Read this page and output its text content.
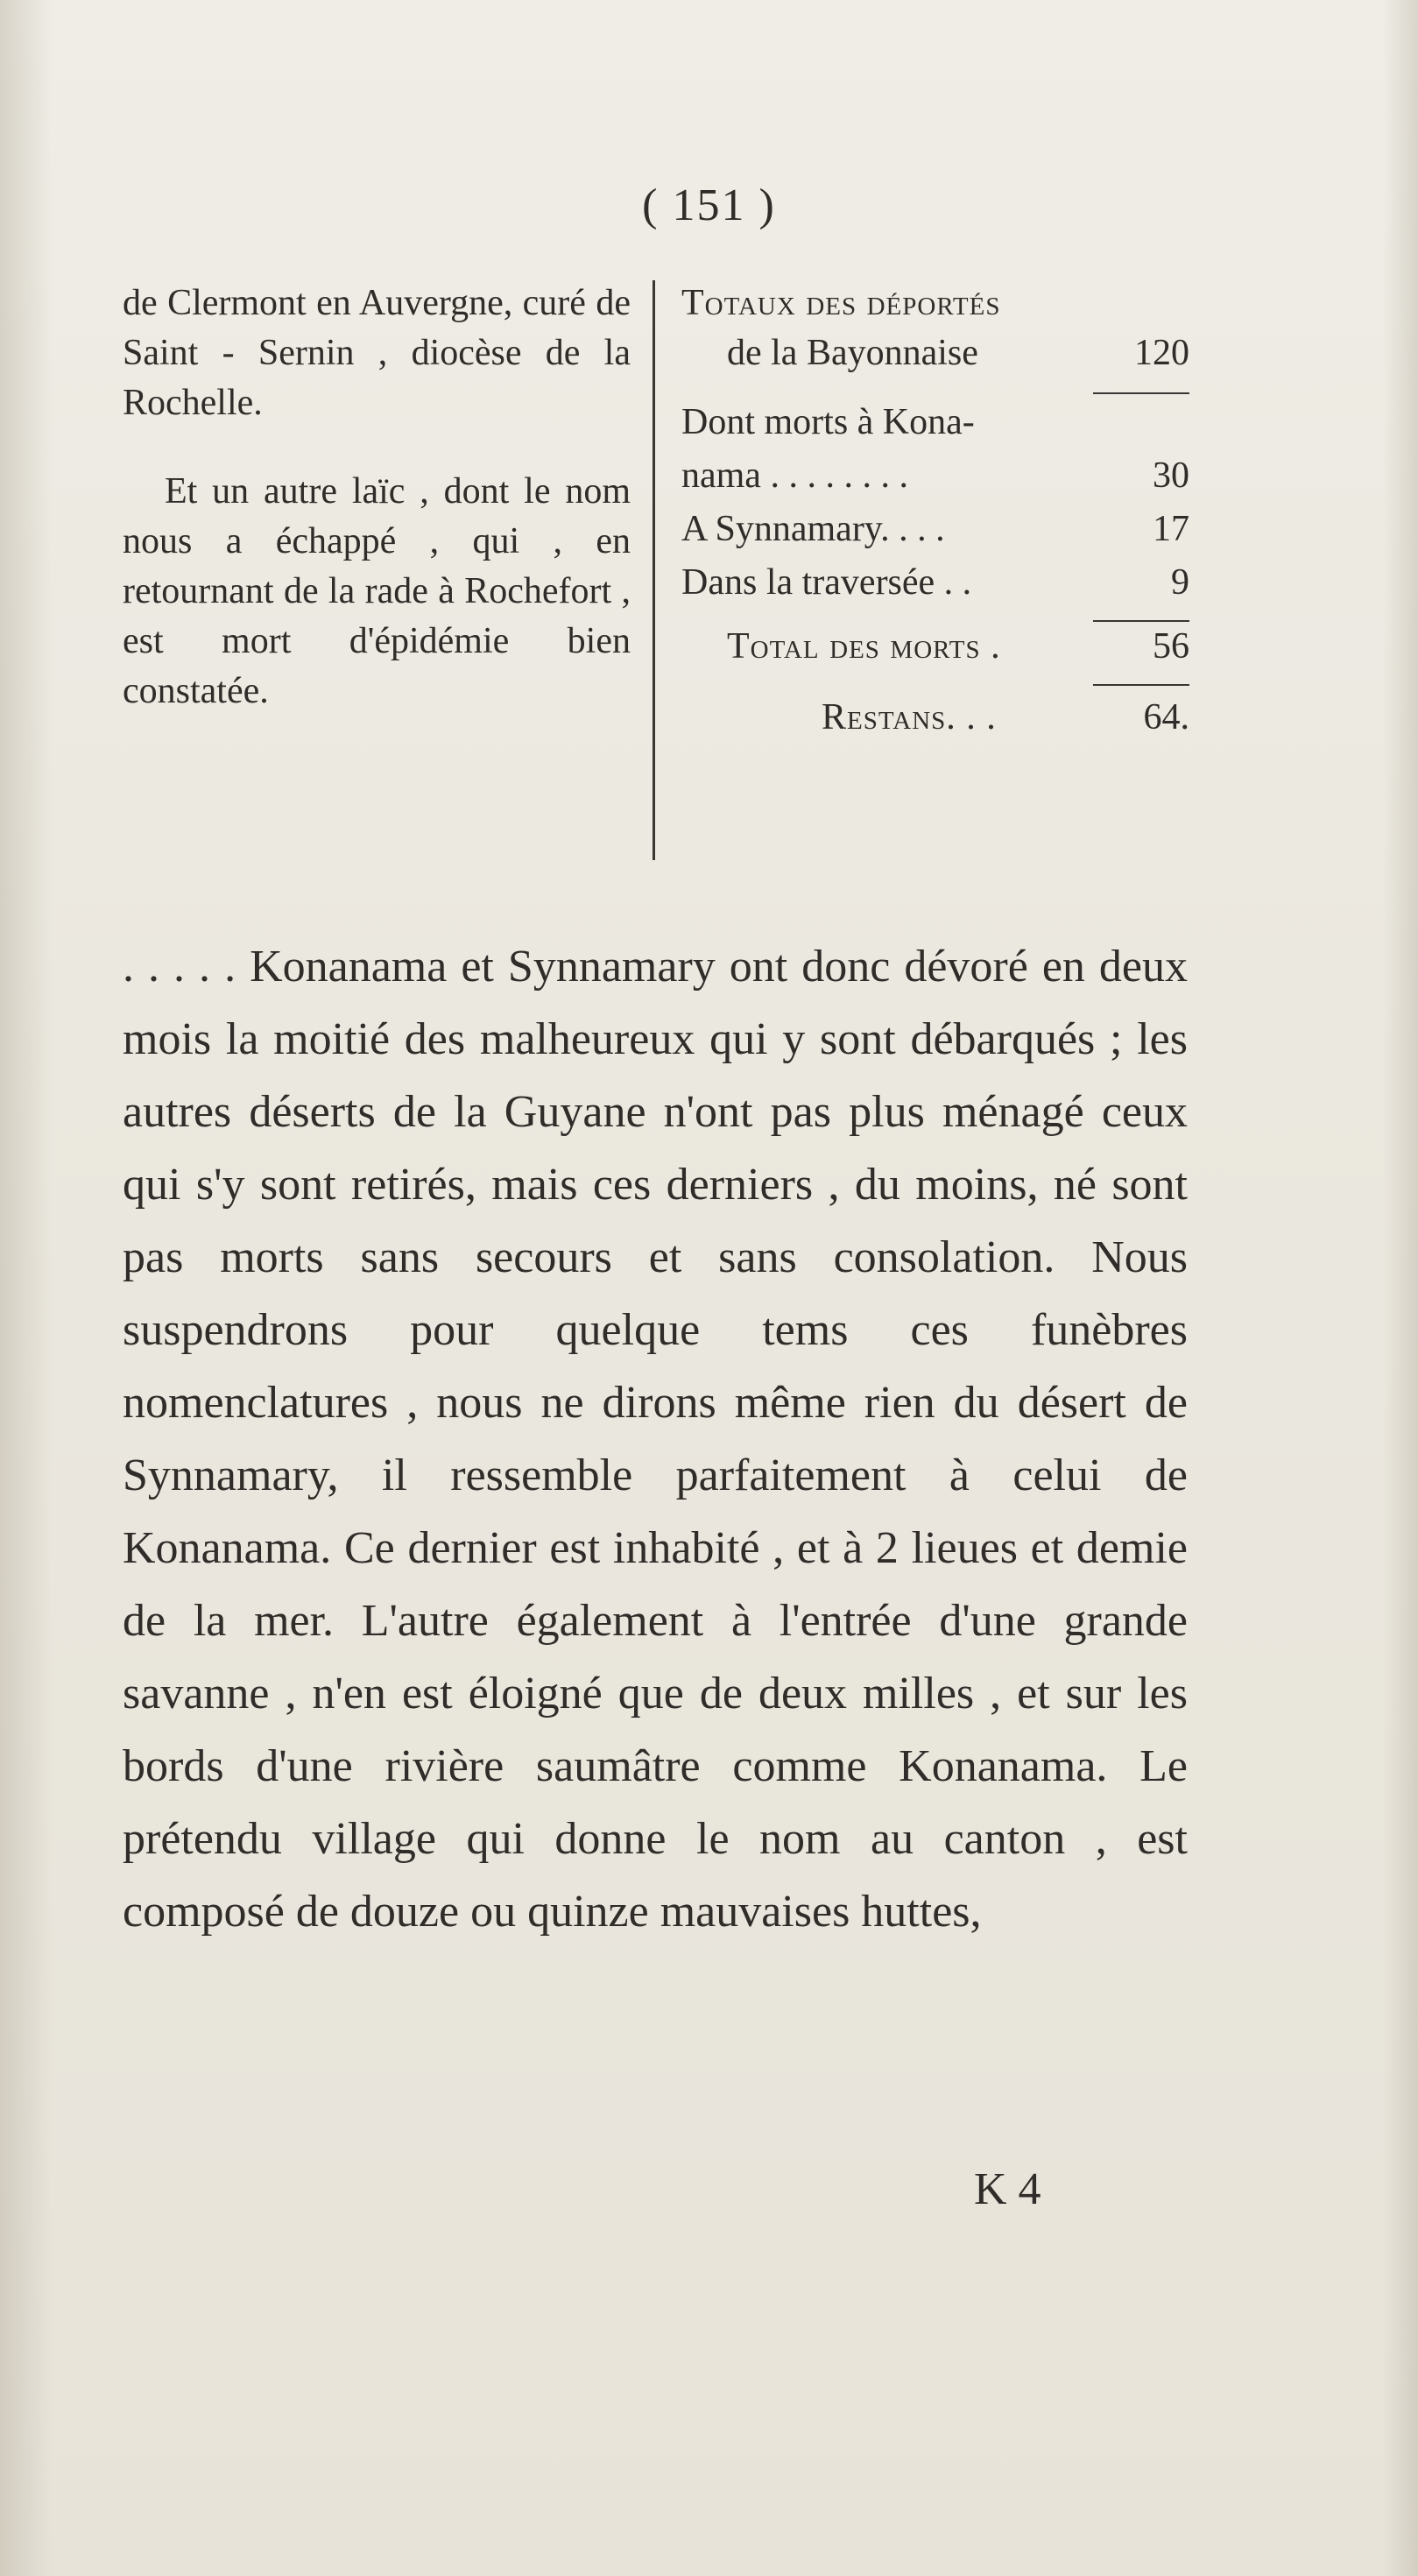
( 151 )

de Clermont en Auvergne, curé de Saint - Sernin , diocèse de la Rochelle.

Et un autre laïc , dont le nom nous a échappé , qui , en retournant de la rade à Rochefort , est mort d'épidémie bien constatée.

Totaux des déportés
de la Bayonnaise	120
Dont morts à Kona-
nama . . . . . . . .	30
A Synnamary. . . .	17
Dans la traversée . .	9
Total des morts .	56
Restans. . .	64.

. . . . . Konanama et Synnamary ont donc dévoré en deux mois la moitié des malheureux qui y sont débarqués ; les autres déserts de la Guyane n'ont pas plus ménagé ceux qui s'y sont retirés, mais ces derniers , du moins, né sont pas morts sans secours et sans consolation. Nous suspendrons pour quelque tems ces funèbres nomenclatures , nous ne dirons même rien du désert de Synnamary, il ressemble parfaitement à celui de Konanama. Ce dernier est inhabité , et à 2 lieues et demie de la mer. L'autre également à l'entrée d'une grande savanne , n'en est éloigné que de deux milles , et sur les bords d'une rivière saumâtre comme Konanama. Le prétendu village qui donne le nom au canton , est composé de douze ou quinze mauvaises huttes,

K 4
